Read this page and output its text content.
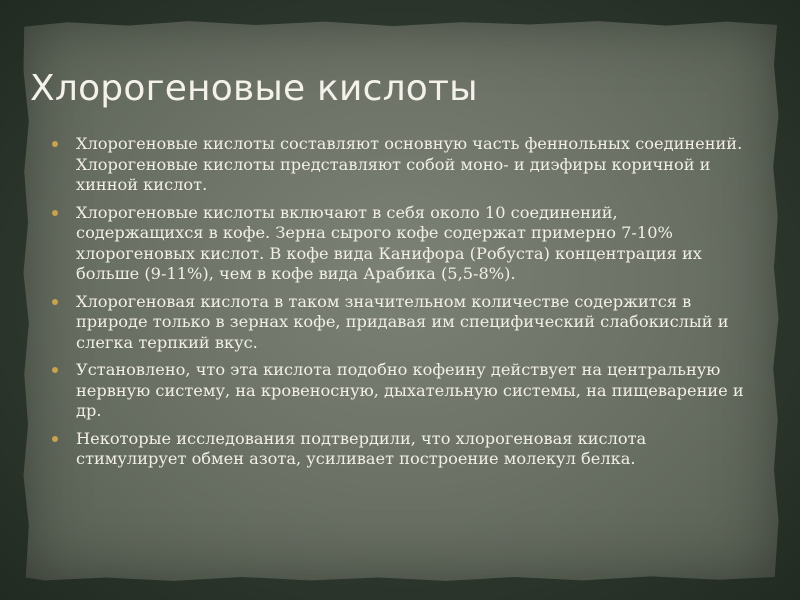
Хлорогеновые кислоты
Хлорогеновые кислоты составляют основную часть феннольных соединений. Хлорогеновые кислоты представляют собой моно- и диэфиры коричной и хинной кислот.
Хлорогеновые кислоты включают в себя около 10 соединений, содержащихся в кофе. Зерна сырого кофе содержат примерно 7-10% хлорогеновых кислот. В кофе вида Канифора (Робуста) концентрация их больше (9-11%), чем в кофе вида Арабика (5,5-8%).
Хлорогеновая кислота в таком значительном количестве содержится в природе только в зернах кофе, придавая им специфический слабокислый и слегка терпкий вкус.
Установлено, что эта кислота подобно кофеину действует на центральную нервную систему, на кровеносную, дыхательную системы, на пищеварение и др.
Некоторые исследования подтвердили, что хлорогеновая кислота стимулирует обмен азота, усиливает построение молекул белка.
